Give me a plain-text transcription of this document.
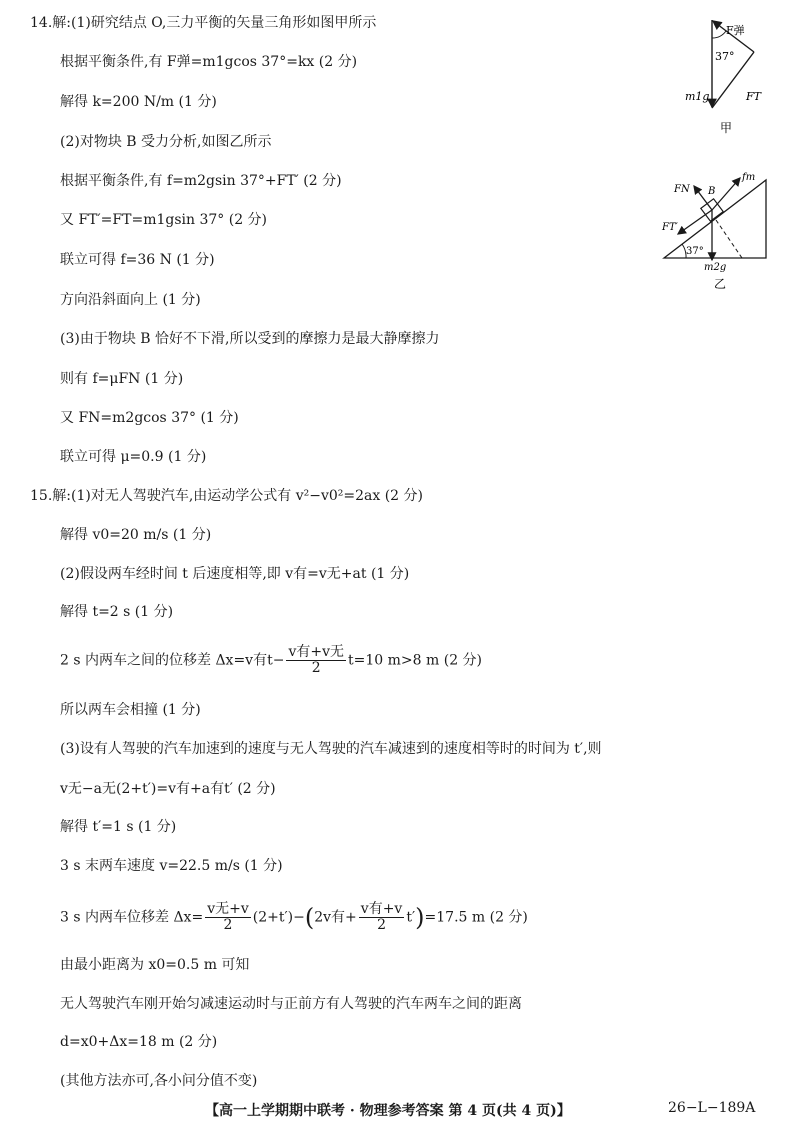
14.解:(1)研究结点 O,三力平衡的矢量三角形如图甲所示
根据平衡条件,有 F弹=m1gcos 37°=kx (2 分)
解得 k=200 N/m (1 分)
(2)对物块 B 受力分析,如图乙所示
根据平衡条件,有 f=m2gsin 37°+FT′ (2 分)
又 FT′=FT=m1gsin 37° (2 分)
联立可得 f=36 N (1 分)
方向沿斜面向上 (1 分)
(3)由于物块 B 恰好不下滑,所以受到的摩擦力是最大静摩擦力
则有 f=μFN (1 分)
又 FN=m2gcos 37° (1 分)
联立可得 μ=0.9 (1 分)
15.解:(1)对无人驾驶汽车,由运动学公式有 v²−v0²=2ax (2 分)
解得 v0=20 m/s (1 分)
(2)假设两车经时间 t 后速度相等,即 v有=v无+at (1 分)
解得 t=2 s (1 分)
2 s 内两车之间的位移差 Δx=v有$t- \frac{\text{v有+v无}}{2} t=10$ m>8 m (2 分)
所以两车会相撞 (1 分)
(3)设有人驾驶的汽车加速到的速度与无人驾驶的汽车减速到的速度相等时的时间为 t′,则
v无−a无(2+t′)=v有+a有t′ (2 分)
解得 t′=1 s (1 分)
3 s 末两车速度 v=22.5 m/s (1 分)
3 s 内两车位移差 $\Delta x= \frac{\text{v无+v}}{2} (2+t')-(2v$有+ $\frac{\text{v有+v}}{2} t')=17.5$ m (2 分)
由最小距离为 x0=0.5 m 可知
无人驾驶汽车刚开始匀减速运动时与正前方有人驾驶的汽车两车之间的距离
d=x0+Δx=18 m (2 分)
(其他方法亦可,各小问分值不变)
F弹
37°
m1g	FT
甲
FN B
fm
FT′
37°
m2g
乙
【高一上学期期中联考 · 物理参考答案 第 4 页(共 4 页)】	26−L−189A
